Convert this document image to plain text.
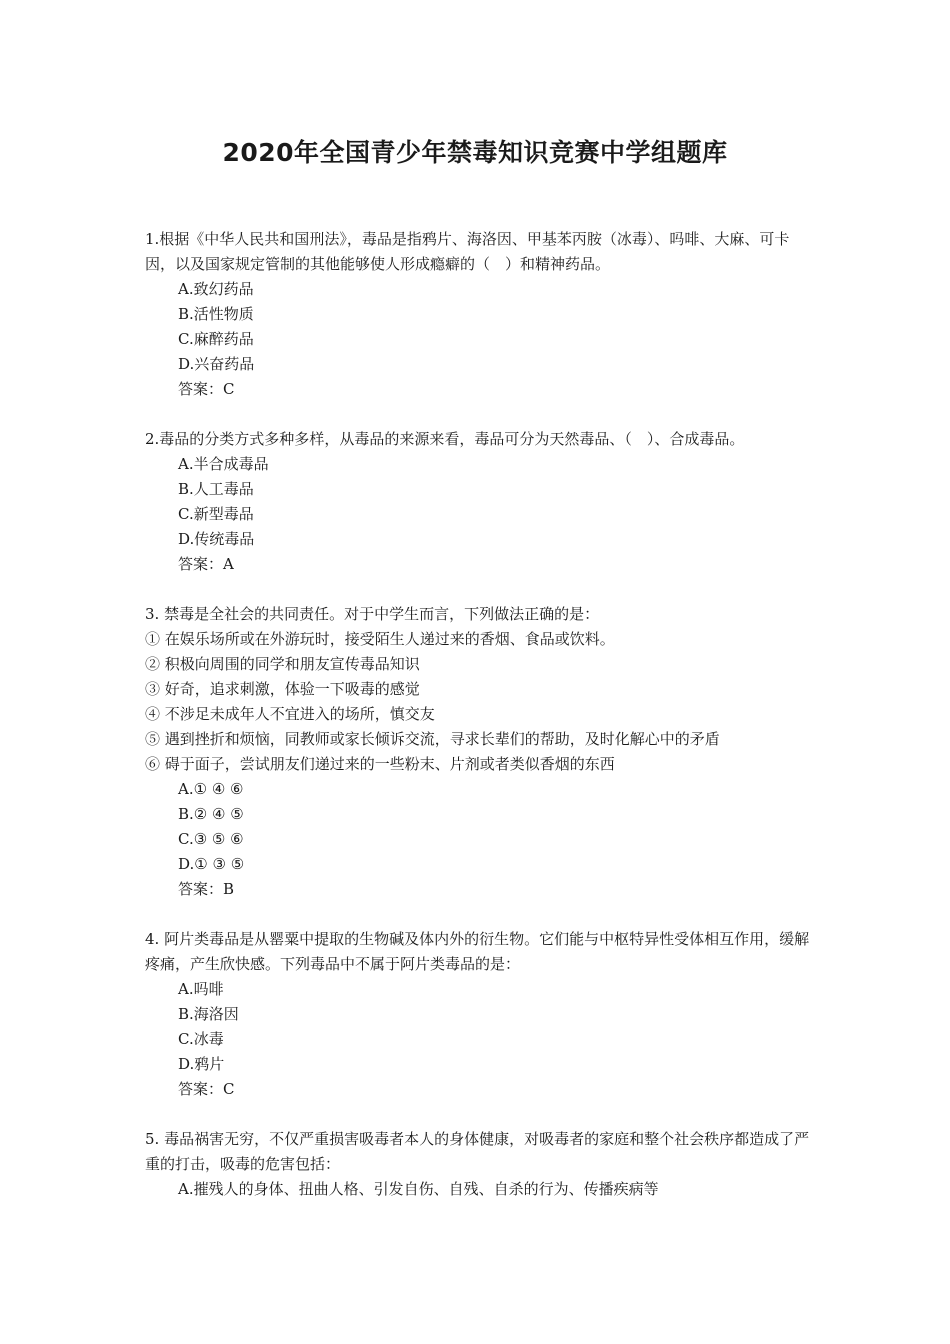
2020年全国青少年禁毒知识竞赛中学组题库

1.根据《中华人民共和国刑法》，毒品是指鸦片、海洛因、甲基苯丙胺（冰毒）、吗啡、大麻、可卡因，以及国家规定管制的其他能够使人形成瘾癖的（　）和精神药品。

A.致幻药品

B.活性物质

C.麻醉药品

D.兴奋药品

答案：C

2.毒品的分类方式多种多样，从毒品的来源来看，毒品可分为天然毒品、（　）、合成毒品。

A.半合成毒品

B.人工毒品

C.新型毒品

D.传统毒品

答案：A

3. 禁毒是全社会的共同责任。对于中学生而言，下列做法正确的是：

① 在娱乐场所或在外游玩时，接受陌生人递过来的香烟、食品或饮料。

② 积极向周围的同学和朋友宣传毒品知识

③ 好奇，追求刺激，体验一下吸毒的感觉

④ 不涉足未成年人不宜进入的场所，慎交友

⑤ 遇到挫折和烦恼，同教师或家长倾诉交流，寻求长辈们的帮助，及时化解心中的矛盾

⑥ 碍于面子，尝试朋友们递过来的一些粉末、片剂或者类似香烟的东西

A.① ④ ⑥

B.② ④ ⑤

C.③ ⑤ ⑥

D.① ③ ⑤

答案：B

4. 阿片类毒品是从罂粟中提取的生物碱及体内外的衍生物。它们能与中枢特异性受体相互作用，缓解疼痛，产生欣快感。下列毒品中不属于阿片类毒品的是：

A.吗啡

B.海洛因

C.冰毒

D.鸦片

答案：C

5. 毒品祸害无穷，不仅严重损害吸毒者本人的身体健康，对吸毒者的家庭和整个社会秩序都造成了严重的打击，吸毒的危害包括：

A.摧残人的身体、扭曲人格、引发自伤、自残、自杀的行为、传播疾病等
